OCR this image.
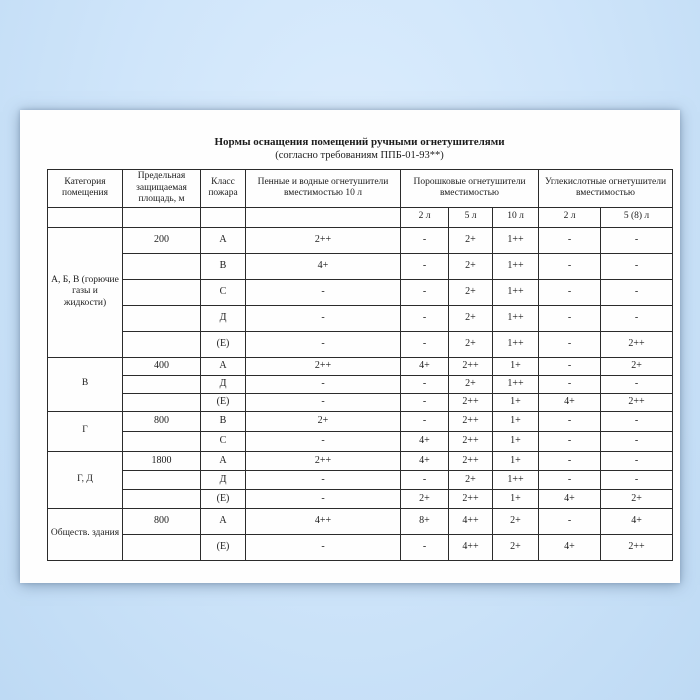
Нормы оснащения помещений ручными огнетушителями
(согласно требованиям ППБ-01-93**)
Категория помещения	Предельная защищаемая площадь, м	Класс пожара	Пенные и водные огнетушители вместимостью 10 л	Порошковые огнетушители вместимостью			Углекислотные огнетушители вместимостью	
				2 л	5 л	10 л	2 л	5 (8) л
А, Б, В (горючие газы и жидкости)	200	А	2++	-	2+	1++	-	-
		В	4+	-	2+	1++	-	-
		С	-	-	2+	1++	-	-
		Д	-	-	2+	1++	-	-
		(Е)	-	-	2+	1++	-	2++
В	400	А	2++	4+	2++	1+	-	2+
		Д	-	-	2+	1++	-	-
		(Е)	-	-	2++	1+	4+	2++
Г	800	В	2+	-	2++	1+	-	-
		С	-	4+	2++	1+	-	-
Г, Д	1800	А	2++	4+	2++	1+	-	-
		Д	-	-	2+	1++	-	-
		(Е)	-	2+	2++	1+	4+	2+
Обществ. здания	800	А	4++	8+	4++	2+	-	4+
		(Е)	-	-	4++	2+	4+	2++
